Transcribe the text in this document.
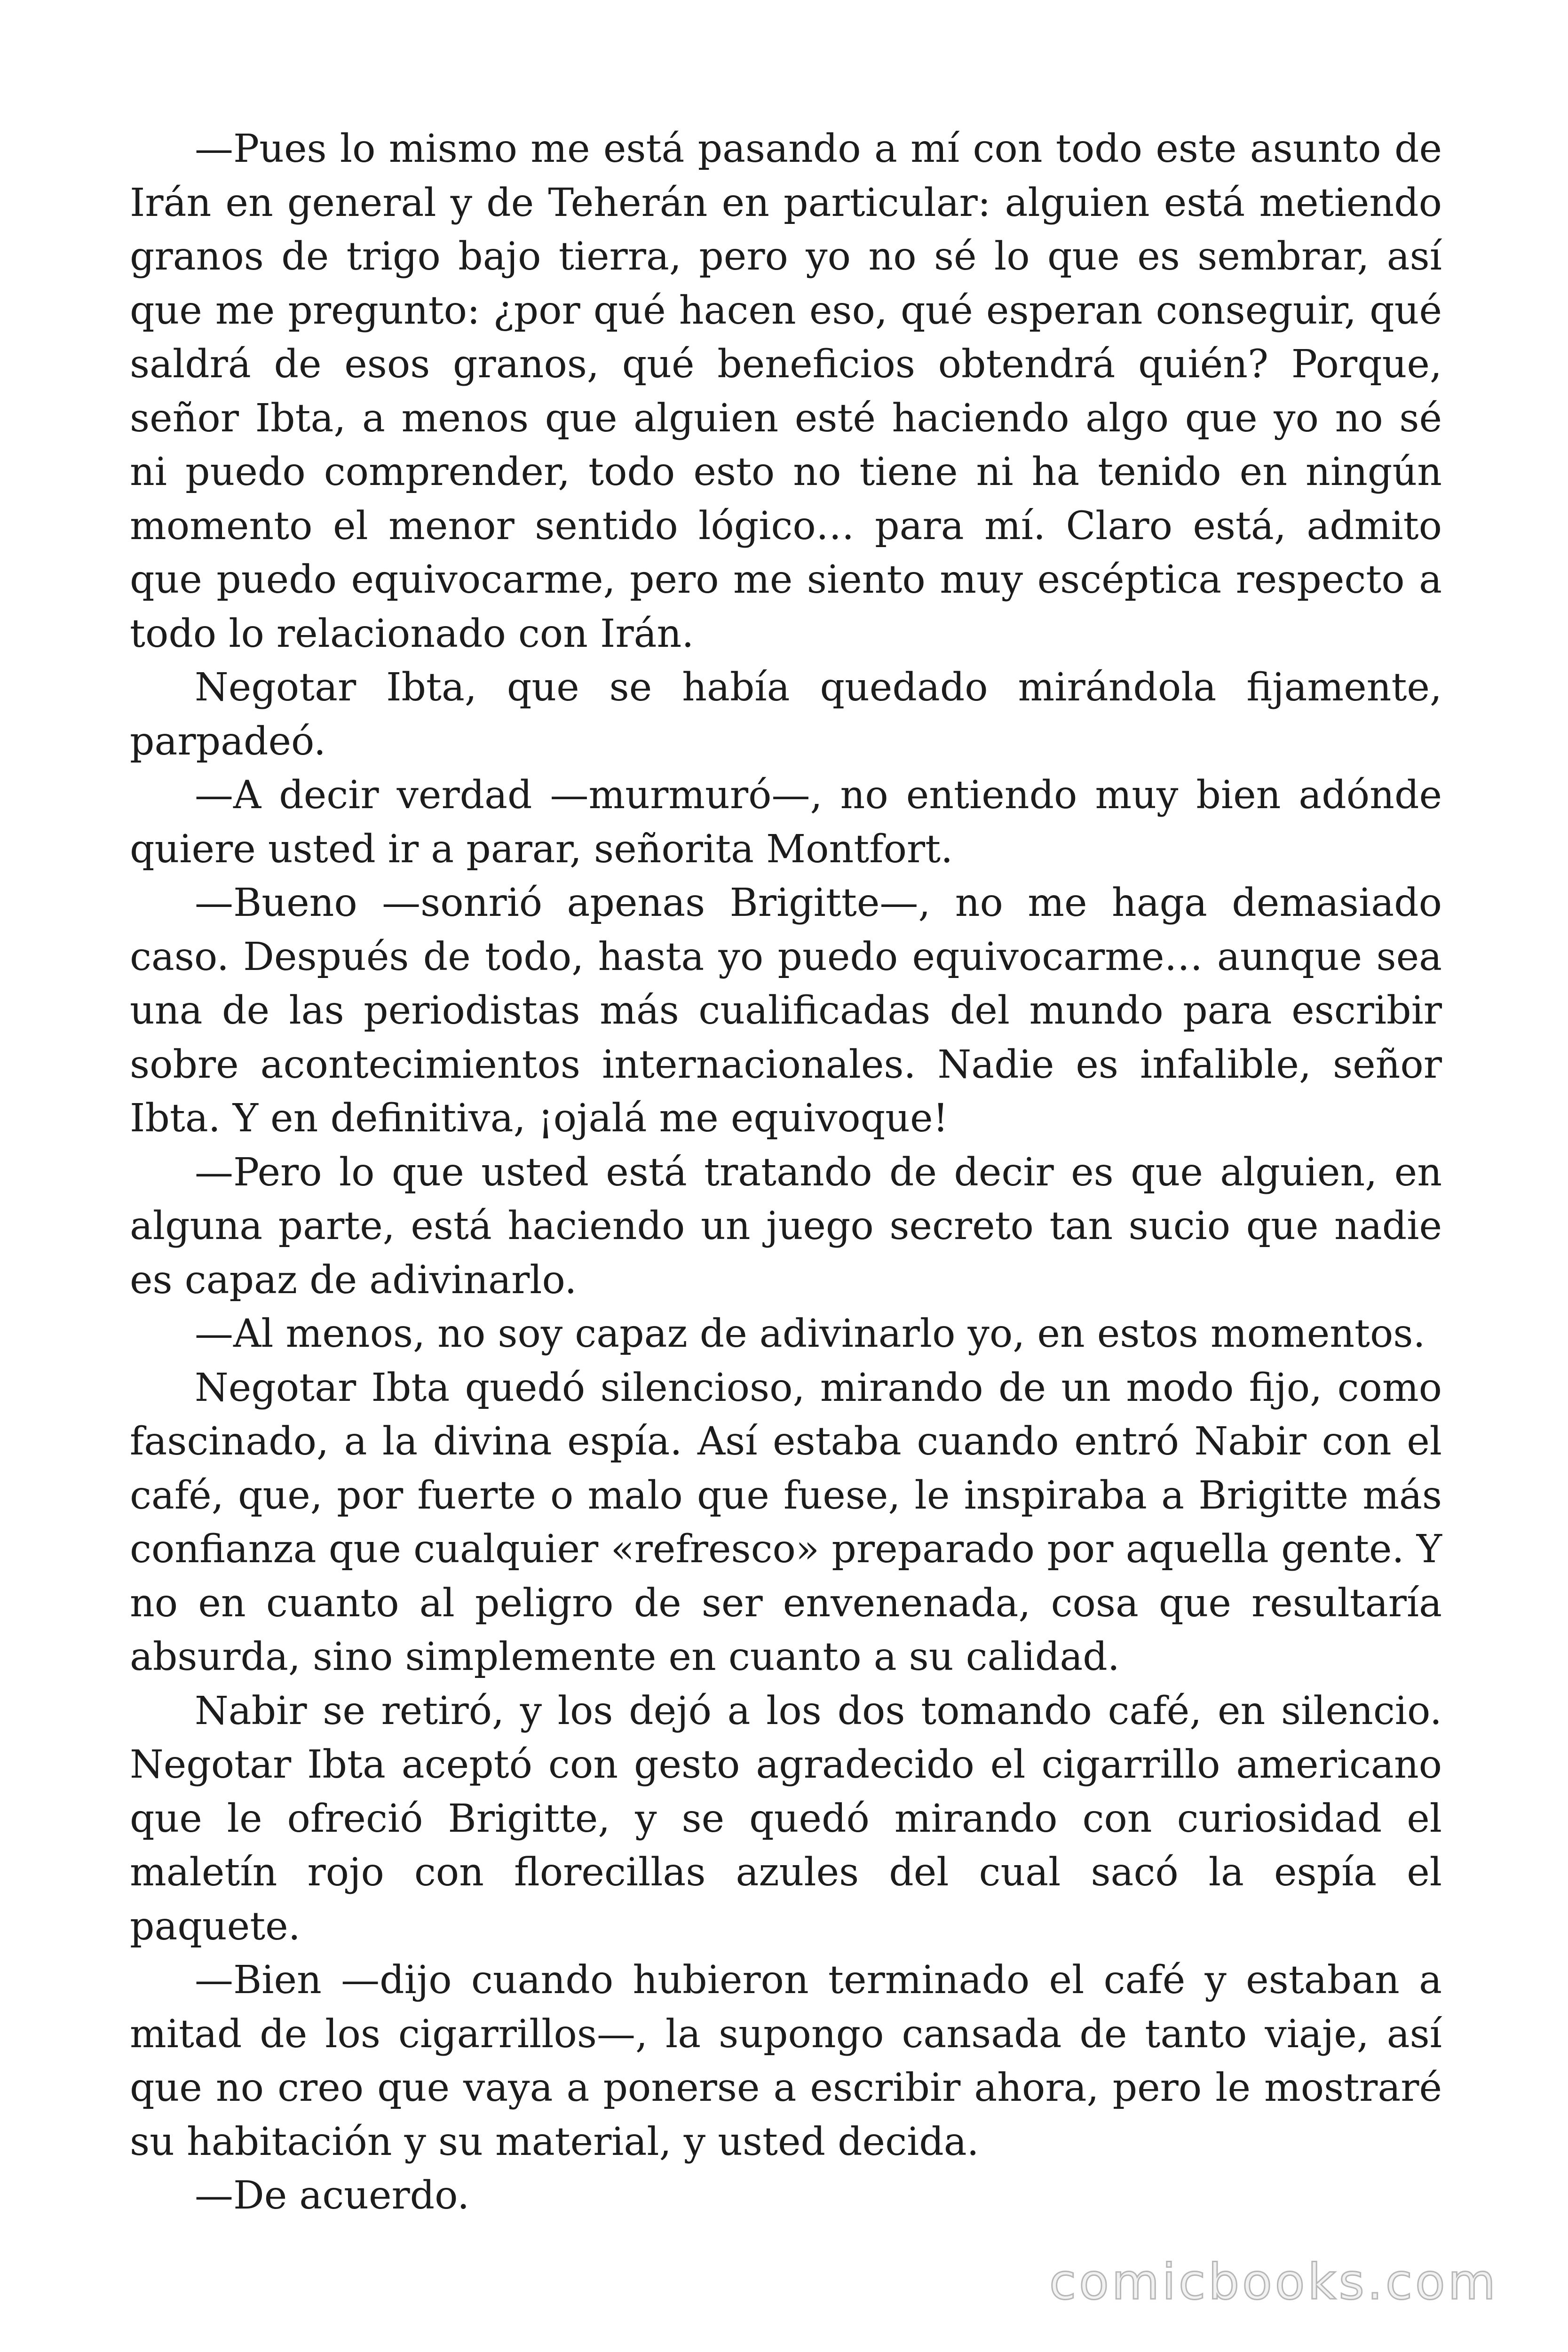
—Pues lo mismo me está pasando a mí con todo este asunto de Irán en general y de Teherán en particular: alguien está metiendo granos de trigo bajo tierra, pero yo no sé lo que es sembrar, así que me pregunto: ¿por qué hacen eso, qué esperan conseguir, qué saldrá de esos granos, qué beneficios obtendrá quién? Porque, señor Ibta, a menos que alguien esté haciendo algo que yo no sé ni puedo comprender, todo esto no tiene ni ha tenido en ningún momento el menor sentido lógico… para mí. Claro está, admito que puedo equivocarme, pero me siento muy escéptica respecto a todo lo relacionado con Irán.

Negotar Ibta, que se había quedado mirándola fijamente, parpadeó.

—A decir verdad —murmuró—, no entiendo muy bien adónde quiere usted ir a parar, señorita Montfort.

—Bueno —sonrió apenas Brigitte—, no me haga demasiado caso. Después de todo, hasta yo puedo equivocarme… aunque sea una de las periodistas más cualificadas del mundo para escribir sobre acontecimientos internacionales. Nadie es infalible, señor Ibta. Y en definitiva, ¡ojalá me equivoque!

—Pero lo que usted está tratando de decir es que alguien, en alguna parte, está haciendo un juego secreto tan sucio que nadie es capaz de adivinarlo.

—Al menos, no soy capaz de adivinarlo yo, en estos momentos.

Negotar Ibta quedó silencioso, mirando de un modo fijo, como fascinado, a la divina espía. Así estaba cuando entró Nabir con el café, que, por fuerte o malo que fuese, le inspiraba a Brigitte más confianza que cualquier «refresco» preparado por aquella gente. Y no en cuanto al peligro de ser envenenada, cosa que resultaría absurda, sino simplemente en cuanto a su calidad.

Nabir se retiró, y los dejó a los dos tomando café, en silencio. Negotar Ibta aceptó con gesto agradecido el cigarrillo americano que le ofreció Brigitte, y se quedó mirando con curiosidad el maletín rojo con florecillas azules del cual sacó la espía el paquete.

—Bien —dijo cuando hubieron terminado el café y estaban a mitad de los cigarrillos—, la supongo cansada de tanto viaje, así que no creo que vaya a ponerse a escribir ahora, pero le mostraré su habitación y su material, y usted decida.

—De acuerdo.

comicbooks.com
